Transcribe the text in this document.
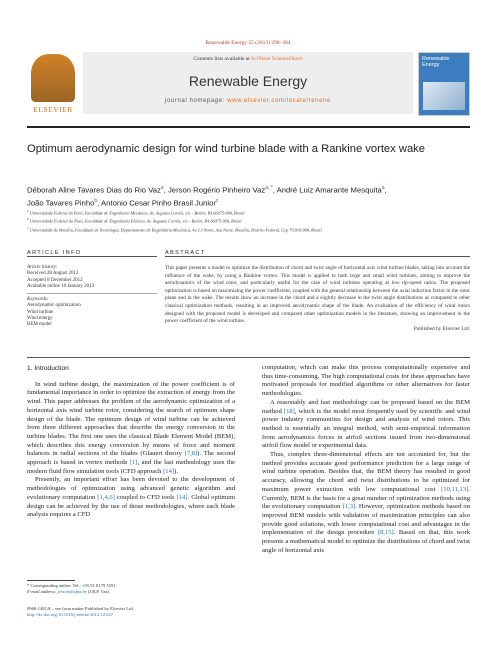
Renewable Energy 55 (2013) 296–304
ELSEVIER
Contents lists available at SciVerse ScienceDirect
Renewable Energy
journal homepage: www.elsevier.com/locate/renene
Renewable Energy
Optimum aerodynamic design for wind turbine blade with a Rankine vortex wake
Déborah Aline Tavares Dias do Rio Vaz$^a$, Jerson Rogério Pinheiro Vaz$^{a, *}$, André Luiz Amarante Mesquita$^a$,
João Tavares Pinho$^b$, Antonio Cesar Pinho Brasil Junior$^c$
$^a$ Universidade Federal do Pará, Faculdade de Engenharia Mecânica, Av. Augusto Corrêa, s/n – Belém, PA 66075-900, Brazil
$^b$ Universidade Federal do Pará, Faculdade de Engenharia Elétrica, Av. Augusto Corrêa, s/n – Belém, PA 66075-900, Brazil
$^c$ Universidade de Brasília, Faculdade de Tecnologia, Departamento de Engenharia Mecânica, Av. L3 Norte, Asa Norte, Brasília, Distrito Federal, Cep 70.910-900, Brazil
ARTICLE INFO	ABSTRACT
Article history:
Received 28 August 2012
Accepted 8 December 2012
Available online 10 January 2013
Keywords:
Aerodynamic optimization
Wind turbine
Wind energy
BEM model
This paper presents a model to optimize the distribution of chord and twist angle of horizontal axis wind turbine blades, taking into account the influence of the wake, by using a Rankine vortex. This model is applied to both large and small wind turbines, aiming to improve the aerodynamics of the wind rotor, and particularly useful for the case of wind turbines operating at low tip-speed ratios. The proposed optimization is based on maximizing the power coefficient, coupled with the general relationship between the axial induction factor in the rotor plane and in the wake. The results show an increase in the chord and a slightly decrease in the twist angle distributions as compared to other classical optimization methods, resulting in an improved aerodynamic shape of the blade. An evaluation of the efficiency of wind rotors designed with the proposed model is developed and compared other optimization models in the literature, showing an improvement in the power coefficient of the wind turbine.
Published by Elsevier Ltd.
1. Introduction

In wind turbine design, the maximization of the power coefficient is of fundamental importance in order to optimize the extraction of energy from the wind. This paper addresses the problem of the aerodynamic optimization of a horizontal axis wind turbine rotor, considering the search of optimum shape design of the blade. The optimum design of wind turbine can be achieved from three different approaches that describe the energy conversion in the turbine blades. The first one uses the classical Blade Element Model (BEM), which describes this energy conversion by means of force and moment balances in radial sections of the blades (Glauert theory [7,8]). The second approach is based in vortex methods [1], and the last methodology uses the modern fluid flow simulation tools (CFD approach [14]).

Presently, an important effort has been devoted to the development of methodologies of optimization using advanced genetic algorithm and evolutionary computation [1,4,6] coupled to CFD tools [14]. Global optimum design can be achieved by the use of those methodologies, where each blade analysis requires a CFD

computation, which can make this process computationally expensive and thus time-consuming. The high computational costs for these approaches have motivated proposals for modified algorithms or other alternatives for faster methodologies.

A reasonably and fast methodology can be proposed based on the BEM method [18], which is the model most frequently used by scientific and wind power industry communities for design and analysis of wind rotors. This method is essentially an integral method, with semi-empirical information from aerodynamics forces in airfoil sections issued from two-dimensional airfoil flow model or experimental data.

Thus, complex three-dimensional effects are not accounted for, but the method provides accurate good performance prediction for a large range of wind turbine operation. Besides that, the BEM theory has resulted in good accuracy, allowing the chord and twist distributions to be optimized for maximum power extraction with low computational cost [10,11,13]. Currently, BEM is the basis for a great number of optimization methods using the evolutionary computation [1,3]. However, optimization methods based on improved BEM models with validation of maximization principles can also provide good solutions, with lower computational cost and advantages in the implementation of the design procedure [8,15]. Based on that, this work presents a mathematical model to optimize the distributions of chord and twist angle of horizontal axis

* Corresponding author. Tel.: +55 91 8179 5591.
E-mail address: jerson@ufpa.br (J.R.P. Vaz).
0960-1481/$ – see front matter Published by Elsevier Ltd.
http://dx.doi.org/10.1016/j.renene.2012.12.027
